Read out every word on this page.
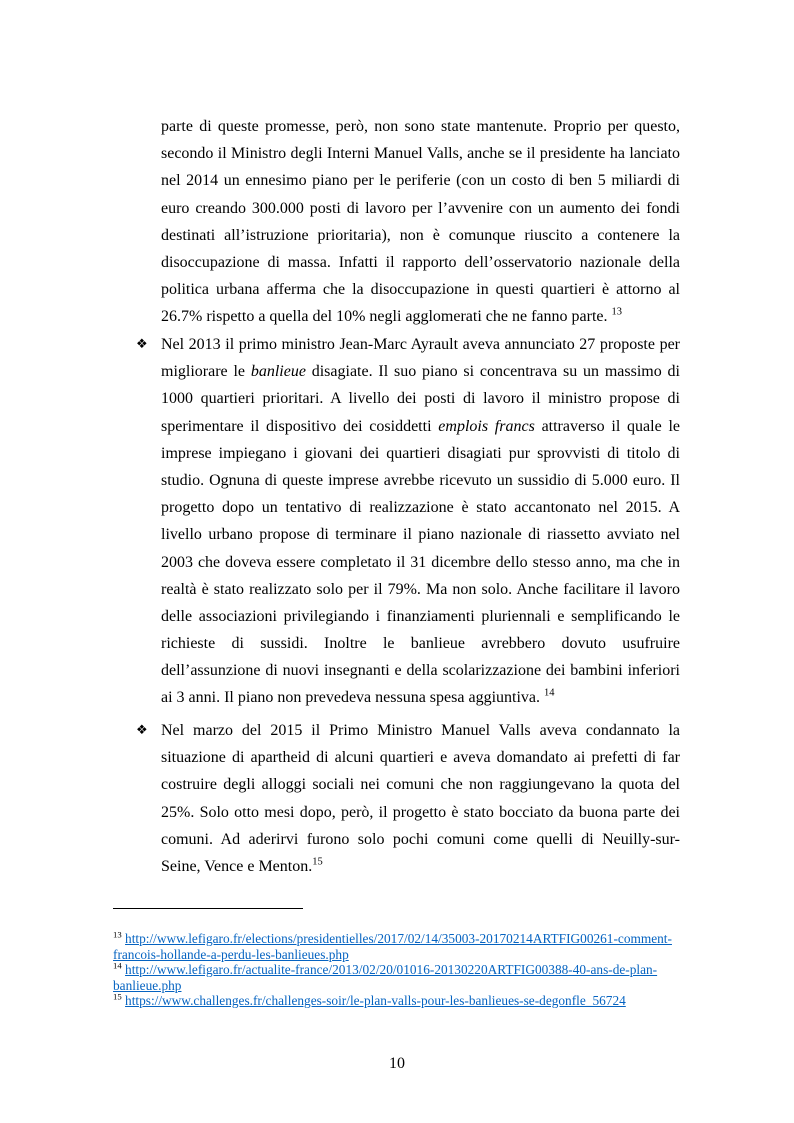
parte di queste promesse, però, non sono state mantenute. Proprio per questo,
secondo il Ministro degli Interni Manuel Valls, anche se il presidente ha lanciato
nel 2014 un ennesimo piano per le periferie (con un costo di ben 5 miliardi di
euro creando 300.000 posti di lavoro per l’avvenire con un aumento dei fondi
destinati all’istruzione prioritaria), non è comunque riuscito a contenere la
disoccupazione di massa. Infatti il rapporto dell’osservatorio nazionale della
politica urbana afferma che la disoccupazione in questi quartieri è attorno al
26.7% rispetto a quella del 10% negli agglomerati che ne fanno parte. $^{13}$
❖
Nel 2013 il primo ministro Jean-Marc Ayrault aveva annunciato 27 proposte per
migliorare le banlieue disagiate. Il suo piano si concentrava su un massimo di
1000 quartieri prioritari. A livello dei posti di lavoro il ministro propose di
sperimentare il dispositivo dei cosiddetti emplois francs attraverso il quale le
imprese impiegano i giovani dei quartieri disagiati pur sprovvisti di titolo di
studio. Ognuna di queste imprese avrebbe ricevuto un sussidio di 5.000 euro. Il
progetto dopo un tentativo di realizzazione è stato accantonato nel 2015. A
livello urbano propose di terminare il piano nazionale di riassetto avviato nel
2003 che doveva essere completato il 31 dicembre dello stesso anno, ma che in
realtà è stato realizzato solo per il 79%. Ma non solo. Anche facilitare il lavoro
delle associazioni privilegiando i finanziamenti pluriennali e semplificando le
richieste di sussidi. Inoltre le banlieue avrebbero dovuto usufruire
dell’assunzione di nuovi insegnanti e della scolarizzazione dei bambini inferiori
ai 3 anni. Il piano non prevedeva nessuna spesa aggiuntiva. $^{14}$
❖
Nel marzo del 2015 il Primo Ministro Manuel Valls aveva condannato la
situazione di apartheid di alcuni quartieri e aveva domandato ai prefetti di far
costruire degli alloggi sociali nei comuni che non raggiungevano la quota del
25%. Solo otto mesi dopo, però, il progetto è stato bocciato da buona parte dei
comuni. Ad aderirvi furono solo pochi comuni come quelli di Neuilly-sur-
Seine, Vence e Menton.$^{15}$
$^{13}$ http://www.lefigaro.fr/elections/presidentielles/2017/02/14/35003-20170214ARTFIG00261-comment-
francois-hollande-a-perdu-les-banlieues.php
$^{14}$ http://www.lefigaro.fr/actualite-france/2013/02/20/01016-20130220ARTFIG00388-40-ans-de-plan-
banlieue.php
$^{15}$ https://www.challenges.fr/challenges-soir/le-plan-valls-pour-les-banlieues-se-degonfle_56724
10
